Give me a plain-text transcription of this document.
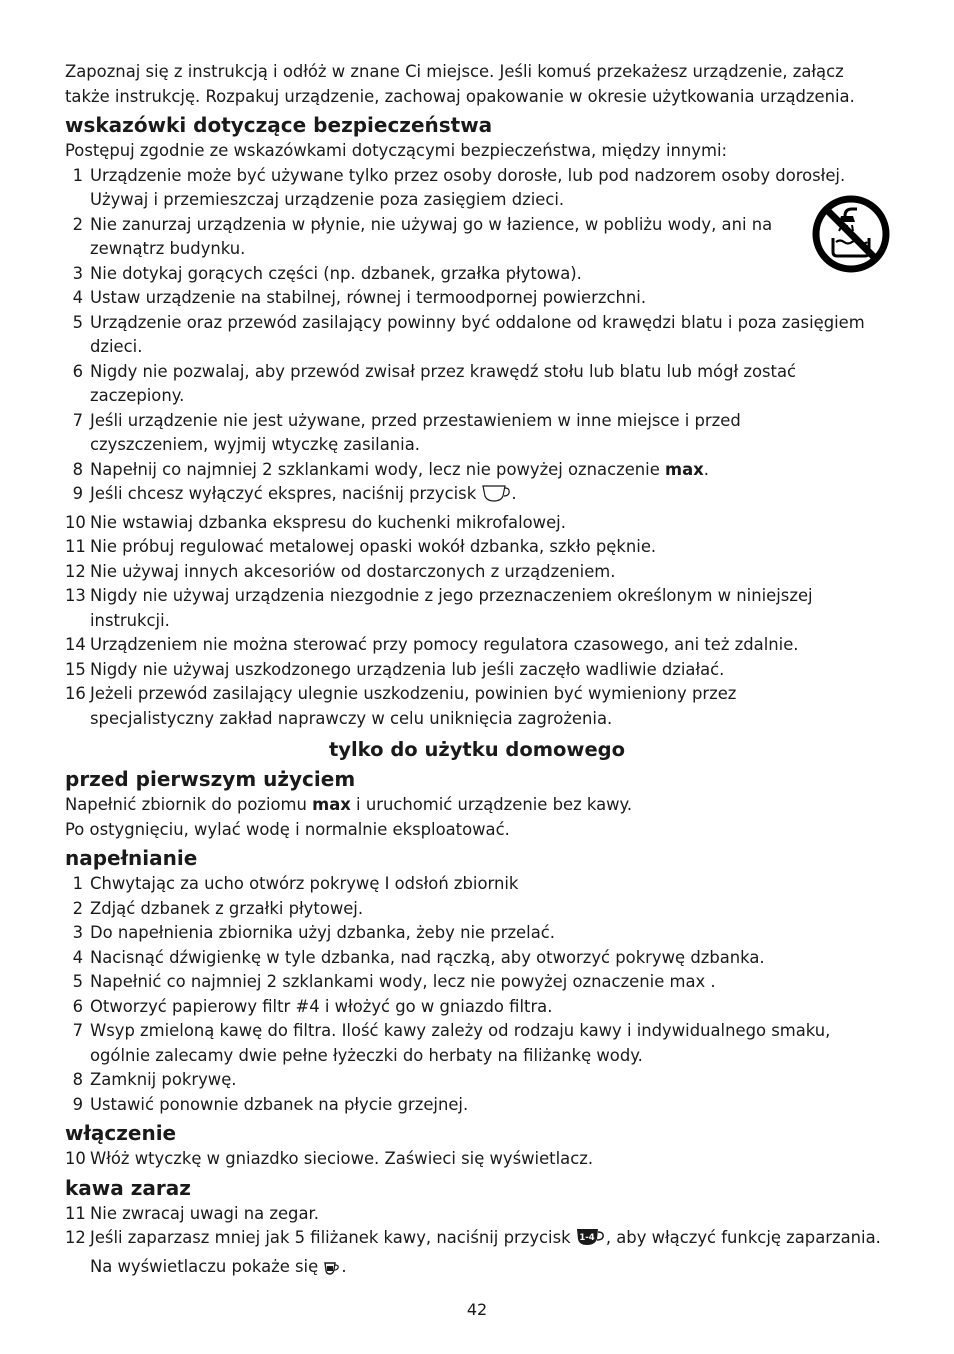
Zapoznaj się z instrukcją i odłóż w znane Ci miejsce. Jeśli komuś przekażesz urządzenie, załącz także instrukcję. Rozpakuj urządzenie, zachowaj opakowanie w okresie użytkowania urządzenia.

wskazówki dotyczące bezpieczeństwa

Postępuj zgodnie ze wskazówkami dotyczącymi bezpieczeństwa, między innymi:

1 Urządzenie może być używane tylko przez osoby dorosłe, lub pod nadzorem osoby dorosłej. Używaj i przemieszczaj urządzenie poza zasięgiem dzieci.
2 Nie zanurzaj urządzenia w płynie, nie używaj go w łazience, w pobliżu wody, ani na zewnątrz budynku.
3 Nie dotykaj gorących części (np. dzbanek, grzałka płytowa).
4 Ustaw urządzenie na stabilnej, równej i termoodpornej powierzchni.
5 Urządzenie oraz przewód zasilający powinny być oddalone od krawędzi blatu i poza zasięgiem dzieci.
6 Nigdy nie pozwalaj, aby przewód zwisał przez krawędź stołu lub blatu lub mógł zostać zaczepiony.
7 Jeśli urządzenie nie jest używane, przed przestawieniem w inne miejsce i przed czyszczeniem, wyjmij wtyczkę zasilania.
8 Napełnij co najmniej 2 szklankami wody, lecz nie powyżej oznaczenie max.
9 Jeśli chcesz wyłączyć ekspres, naciśnij przycisk .
10 Nie wstawiaj dzbanka ekspresu do kuchenki mikrofalowej.
11 Nie próbuj regulować metalowej opaski wokół dzbanka, szkło pęknie.
12 Nie używaj innych akcesoriów od dostarczonych z urządzeniem.
13 Nigdy nie używaj urządzenia niezgodnie z jego przeznaczeniem określonym w niniejszej instrukcji.
14 Urządzeniem nie można sterować przy pomocy regulatora czasowego, ani też zdalnie.
15 Nigdy nie używaj uszkodzonego urządzenia lub jeśli zaczęło wadliwie działać.
16 Jeżeli przewód zasilający ulegnie uszkodzeniu, powinien być wymieniony przez specjalistyczny zakład naprawczy w celu uniknięcia zagrożenia.
tylko do użytku domowego
przed pierwszym użyciem

Napełnić zbiornik do poziomu max i uruchomić urządzenie bez kawy.

Po ostygnięciu, wylać wodę i normalnie eksploatować.

napełnianie
1 Chwytając za ucho otwórz pokrywę I odsłoń zbiornik
2 Zdjąć dzbanek z grzałki płytowej.
3 Do napełnienia zbiornika użyj dzbanka, żeby nie przelać.
4 Nacisnąć dźwigienkę w tyle dzbanka, nad rączką, aby otworzyć pokrywę dzbanka.
5 Napełnić co najmniej 2 szklankami wody, lecz nie powyżej oznaczenie max .
6 Otworzyć papierowy filtr #4 i włożyć go w gniazdo filtra.
7 Wsyp zmieloną kawę do filtra. Ilość kawy zależy od rodzaju kawy i indywidualnego smaku, ogólnie zalecamy dwie pełne łyżeczki do herbaty na filiżankę wody.
8 Zamknij pokrywę.
9 Ustawić ponownie dzbanek na płycie grzejnej.
włączenie
10 Włóż wtyczkę w gniazdko sieciowe. Zaświeci się wyświetlacz.
kawa zaraz
11 Nie zwracaj uwagi na zegar.
12 Jeśli zaparzasz mniej jak 5 filiżanek kawy, naciśnij przycisk 1-4 , aby włączyć funkcję zaparzania. Na wyświetlaczu pokaże się .
42
